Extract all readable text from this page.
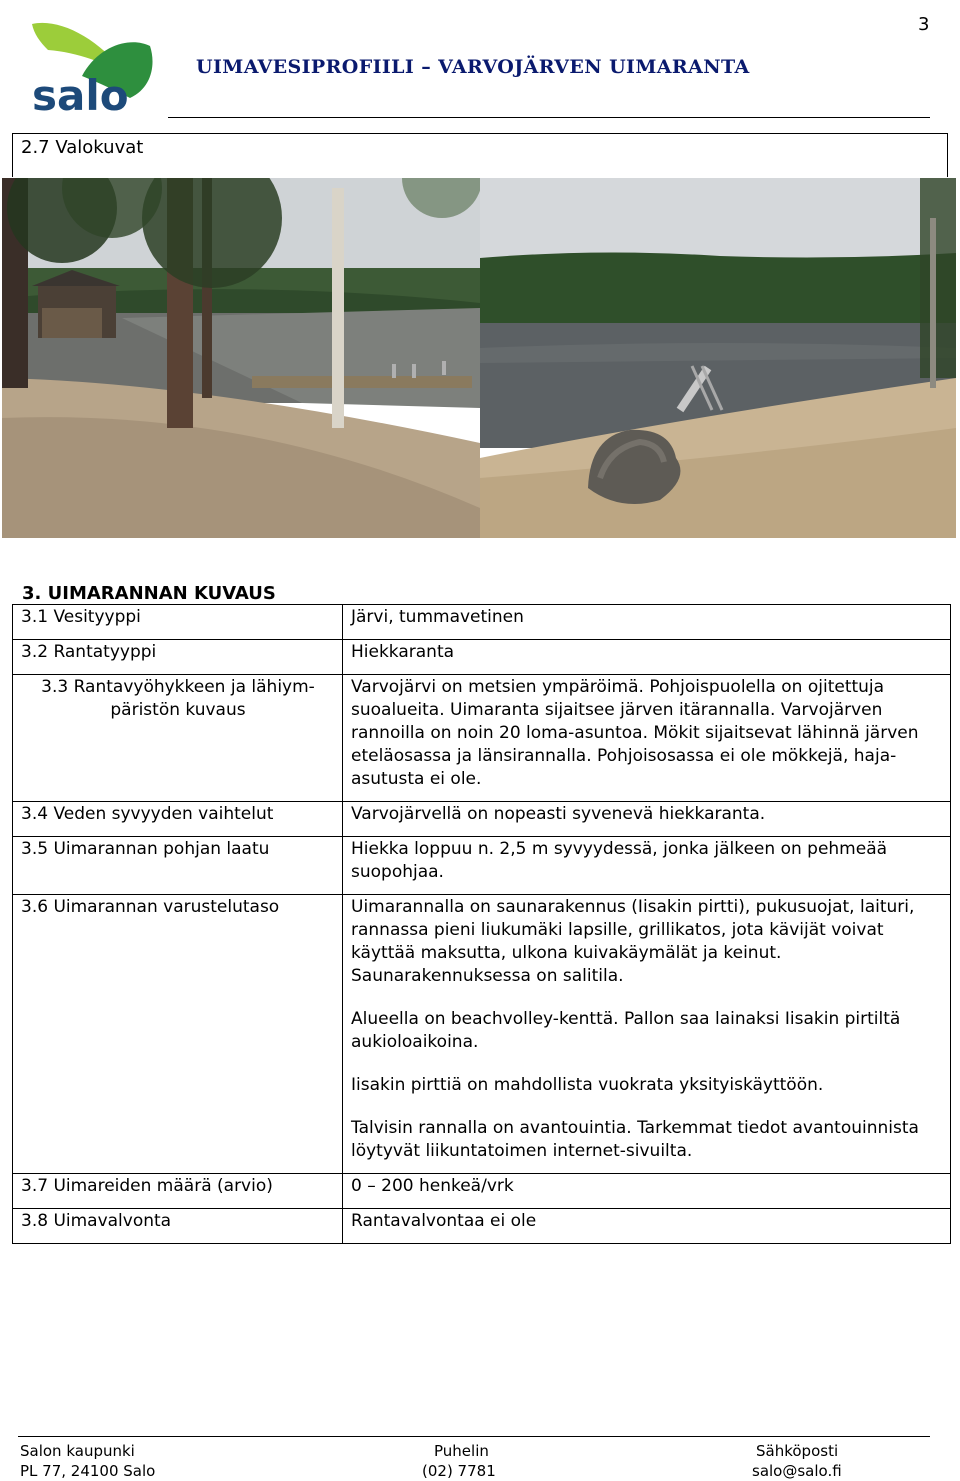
3
salo
UIMAVESIPROFIILI – VARVOJÄRVEN UIMARANTA
2.7 Valokuvat
3. UIMARANNAN KUVAUS
3.1 Vesityyppi	Järvi, tummavetinen
3.2 Rantatyyppi	Hiekkaranta
3.3 Rantavyöhykkeen ja lähiym-päristön kuvaus	Varvojärvi on metsien ympäröimä. Pohjoispuolella on ojitettuja suoalueita. Uimaranta sijaitsee järven itärannalla. Varvojärven rannoilla on noin 20 loma-asuntoa. Mökit sijaitsevat lähinnä järven eteläosassa ja länsirannalla. Pohjoisosassa ei ole mökkejä, haja-asutusta ei ole.
3.4 Veden syvyyden vaihtelut	Varvojärvellä on nopeasti syvenevä hiekkaranta.
3.5 Uimarannan pohjan laatu	Hiekka loppuu n. 2,5 m syvyydessä, jonka jälkeen on pehmeää suopohjaa.
3.6 Uimarannan varustelutaso	Uimarannalla on saunarakennus (Iisakin pirtti), pukusuojat, laituri, rannassa pieni liukumäki lapsille, grillikatos, jota kävijät voivat käyttää maksutta, ulkona kuivakäymälät ja keinut. Saunarakennuksessa on salitila.

Alueella on beachvolley-kenttä. Pallon saa lainaksi Iisakin pirtiltä aukioloaikoina.

Iisakin pirttiä on mahdollista vuokrata yksityiskäyttöön.

Talvisin rannalla on avantouintia. Tarkemmat tiedot avantouinnista löytyvät liikuntatoimen internet-sivuilta.

3.7 Uimareiden määrä (arvio)	0 – 200 henkeä/vrk
3.8 Uimavalvonta	Rantavalvontaa ei ole
Salon kaupunki
PL 77, 24100 Salo
Puhelin
(02) 7781
Sähköposti
salo@salo.fi
